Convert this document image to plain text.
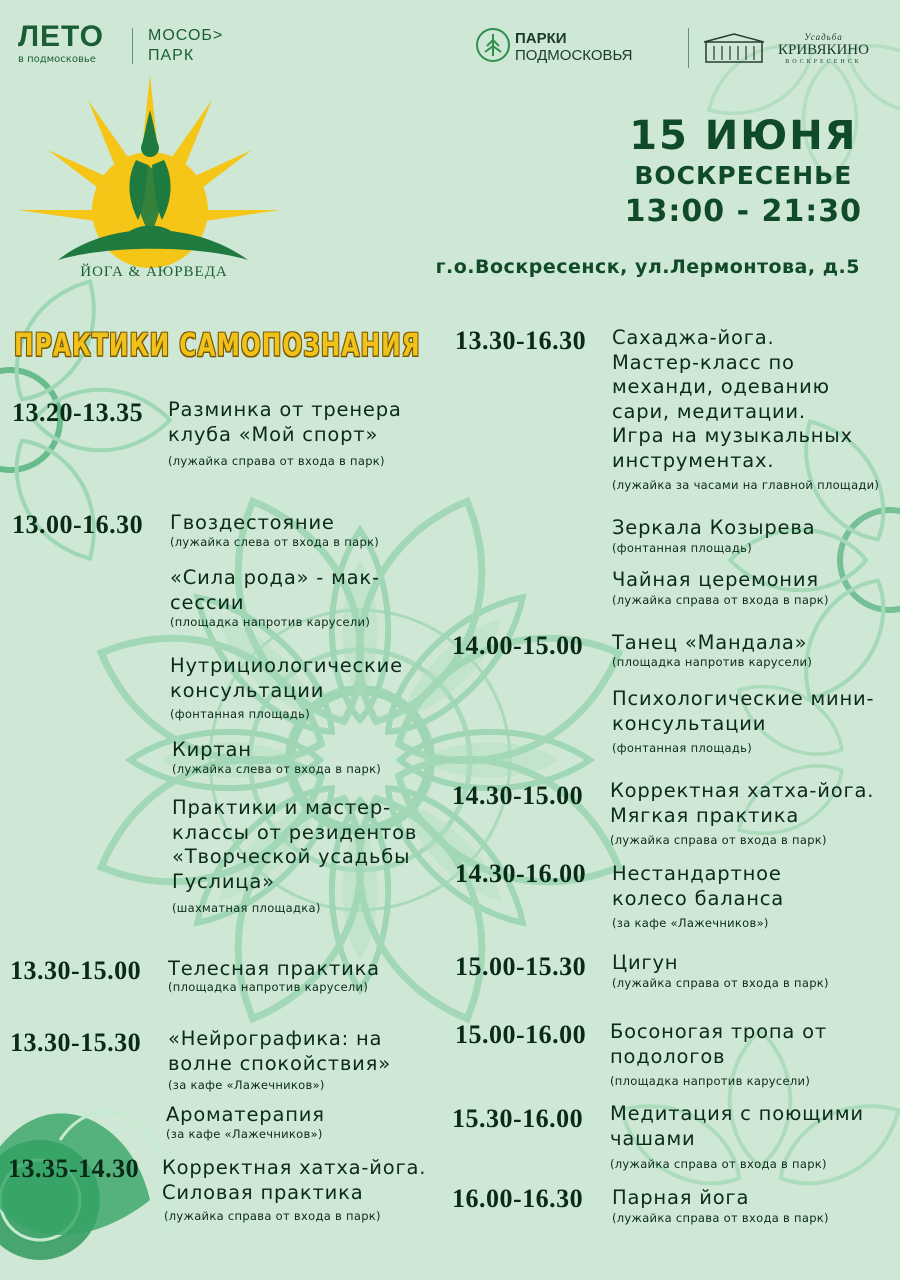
ЛЕТО
в подмосковье
МОСОБ>
ПАРК
ПАРКИ
ПОДМОСКОВЬЯ
Усадьба
КРИВЯКИНО
ВОСКРЕСЕНСК
ЙОГА & АЮРВЕДА
15 ИЮНЯ
ВОСКРЕСЕНЬЕ
13:00 - 21:30
г.о.Воскресенск, ул.Лермонтова, д.5
ПРАКТИКИ САМОПОЗНАНИЯ
13.20-13.35 Разминка от тренера клуба «Мой спорт»
(лужайка справа от входа в парк)
13.00-16.30 Гвоздестояние
(лужайка слева от входа в парк)
«Сила рода» - мак-сессии
(площадка напротив карусели)
Нутрициологические консультации
(фонтанная площадь)
Киртан
(лужайка слева от входа в парк)
Практики и мастер-классы от резидентов «Творческой усадьбы Гуслица»
(шахматная площадка)
13.30-15.00 Телесная практика
(площадка напротив карусели)
13.30-15.30 «Нейрографика: на волне спокойствия»
(за кафе «Лажечников»)
Ароматерапия
(за кафе «Лажечников»)
13.35-14.30 Корректная хатха-йога. Силовая практика
(лужайка справа от входа в парк)
13.30-16.30 Сахаджа-йога. Мастер-класс по механди, одеванию сари, медитации. Игра на музыкальных инструментах.
(лужайка за часами на главной площади)
Зеркала Козырева
(фонтанная площадь)
Чайная церемония
(лужайка справа от входа в парк)
14.00-15.00 Танец «Мандала»
(площадка напротив карусели)
Психологические мини-консультации
(фонтанная площадь)
14.30-15.00 Корректная хатха-йога. Мягкая практика
(лужайка справа от входа в парк)
14.30-16.00 Нестандартное колесо баланса
(за кафе «Лажечников»)
15.00-15.30 Цигун
(лужайка справа от входа в парк)
15.00-16.00 Босоногая тропа от подологов
(площадка напротив карусели)
15.30-16.00 Медитация с поющими чашами
(лужайка справа от входа в парк)
16.00-16.30 Парная йога
(лужайка справа от входа в парк)
